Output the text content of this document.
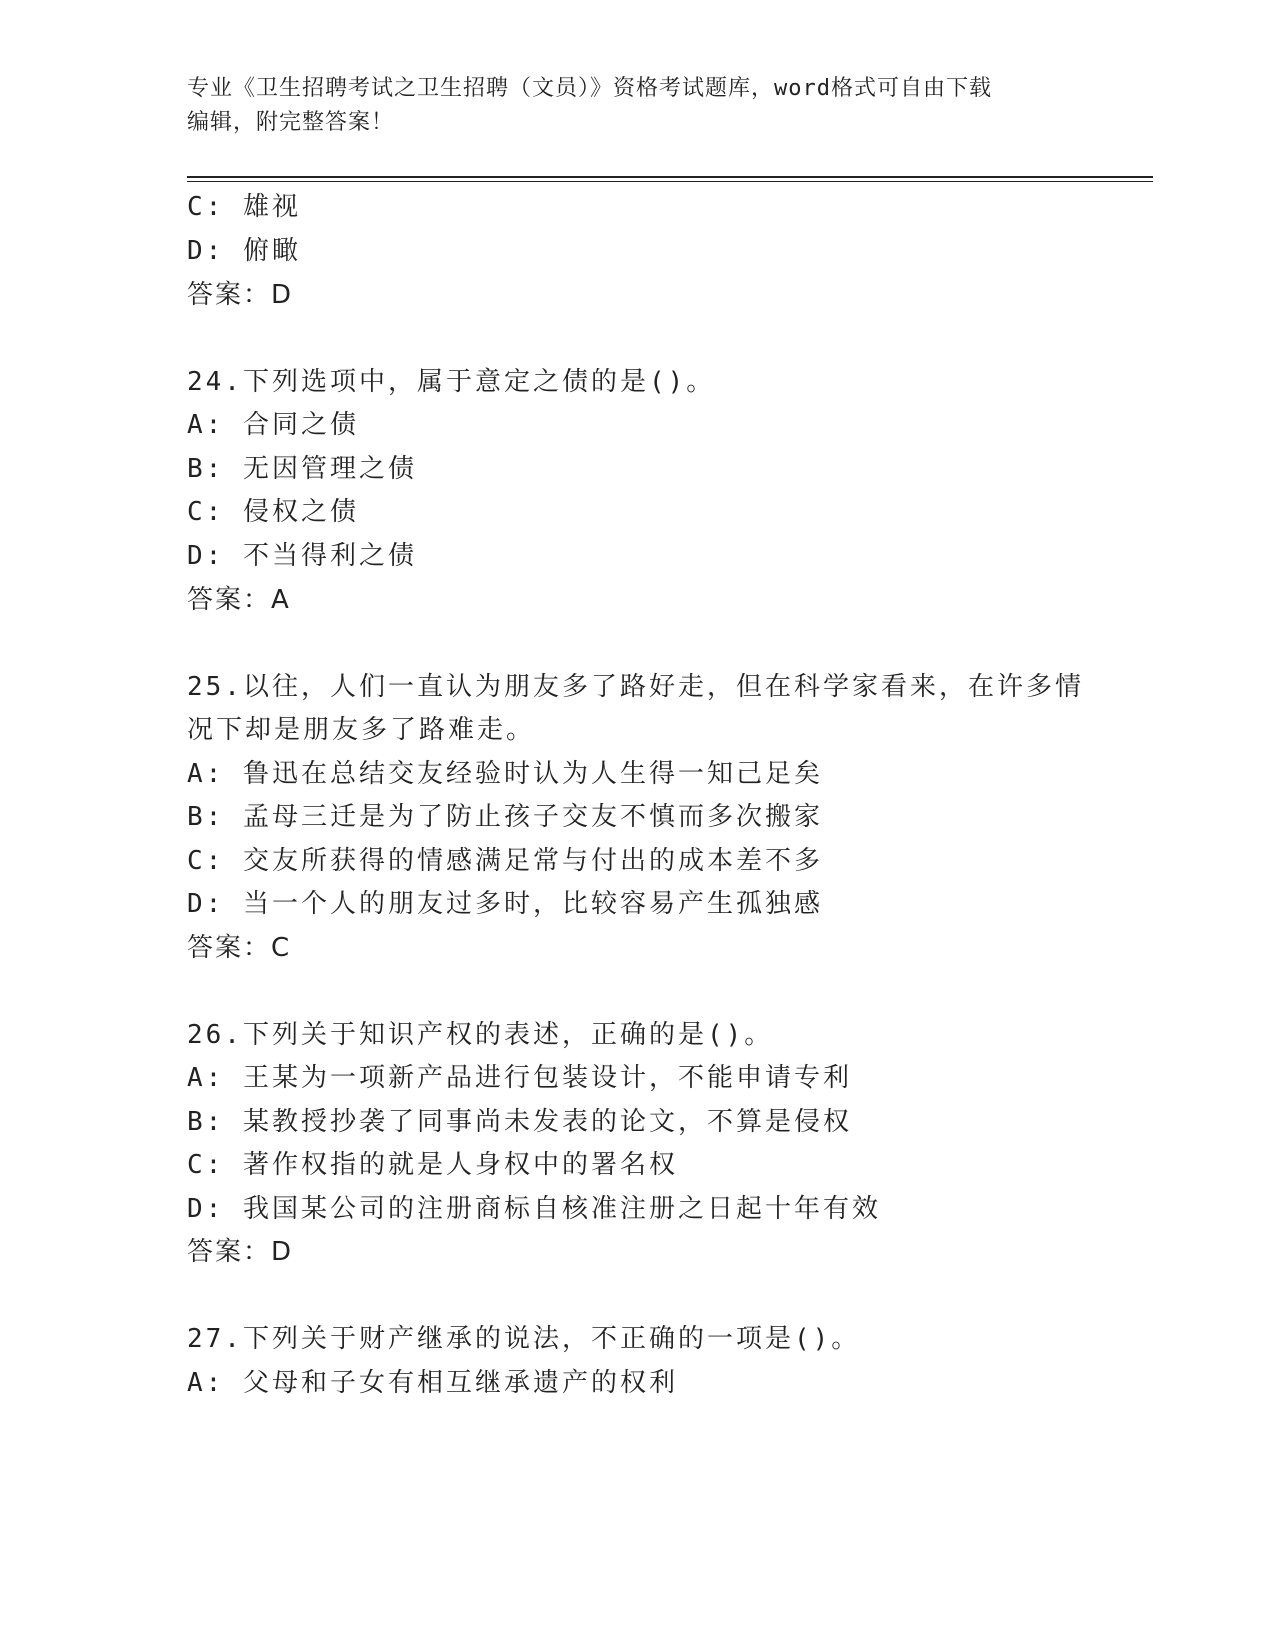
专业《卫生招聘考试之卫生招聘（文员）》资格考试题库，word格式可自由下载
编辑，附完整答案！
C: 雄视
D: 俯瞰
答案：D
24.下列选项中，属于意定之债的是()。
A: 合同之债
B: 无因管理之债
C: 侵权之债
D: 不当得利之债
答案：A
25.以往，人们一直认为朋友多了路好走，但在科学家看来，在许多情
况下却是朋友多了路难走。
A: 鲁迅在总结交友经验时认为人生得一知己足矣
B: 孟母三迁是为了防止孩子交友不慎而多次搬家
C: 交友所获得的情感满足常与付出的成本差不多
D: 当一个人的朋友过多时，比较容易产生孤独感
答案：C
26.下列关于知识产权的表述，正确的是()。
A: 王某为一项新产品进行包装设计，不能申请专利
B: 某教授抄袭了同事尚未发表的论文，不算是侵权
C: 著作权指的就是人身权中的署名权
D: 我国某公司的注册商标自核准注册之日起十年有效
答案：D
27.下列关于财产继承的说法，不正确的一项是()。
A: 父母和子女有相互继承遗产的权利
